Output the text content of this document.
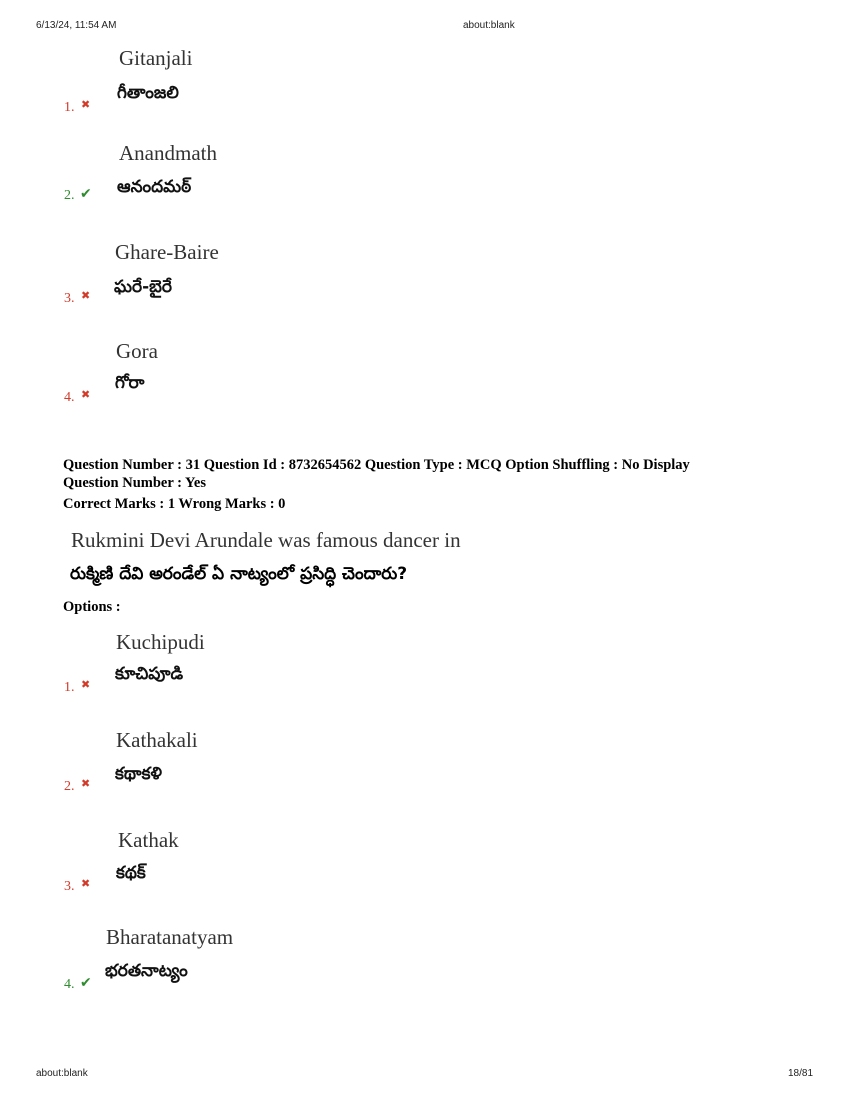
6/13/24, 11:54 AM	about:blank
Gitanjali
గీతాంజలి
1. ✖
Anandmath
ఆనందమఠ్
2. ✔
Ghare-Baire
ఘరే-బైరే
3. ✖
Gora
గోరా
4. ✖
Question Number : 31 Question Id : 8732654562 Question Type : MCQ Option Shuffling : No Display
Question Number : Yes
Correct Marks : 1 Wrong Marks : 0
Rukmini Devi Arundale was famous dancer in
రుక్మిణి దేవి అరండేల్ ఏ నాట్యంలో ప్రసిద్ధి చెందారు?
Options :
Kuchipudi
కూచిపూడి
1. ✖
Kathakali
కథాకళి
2. ✖
Kathak
కథక్
3. ✖
Bharatanatyam
భరతనాట్యం
4. ✔
about:blank	18/81
